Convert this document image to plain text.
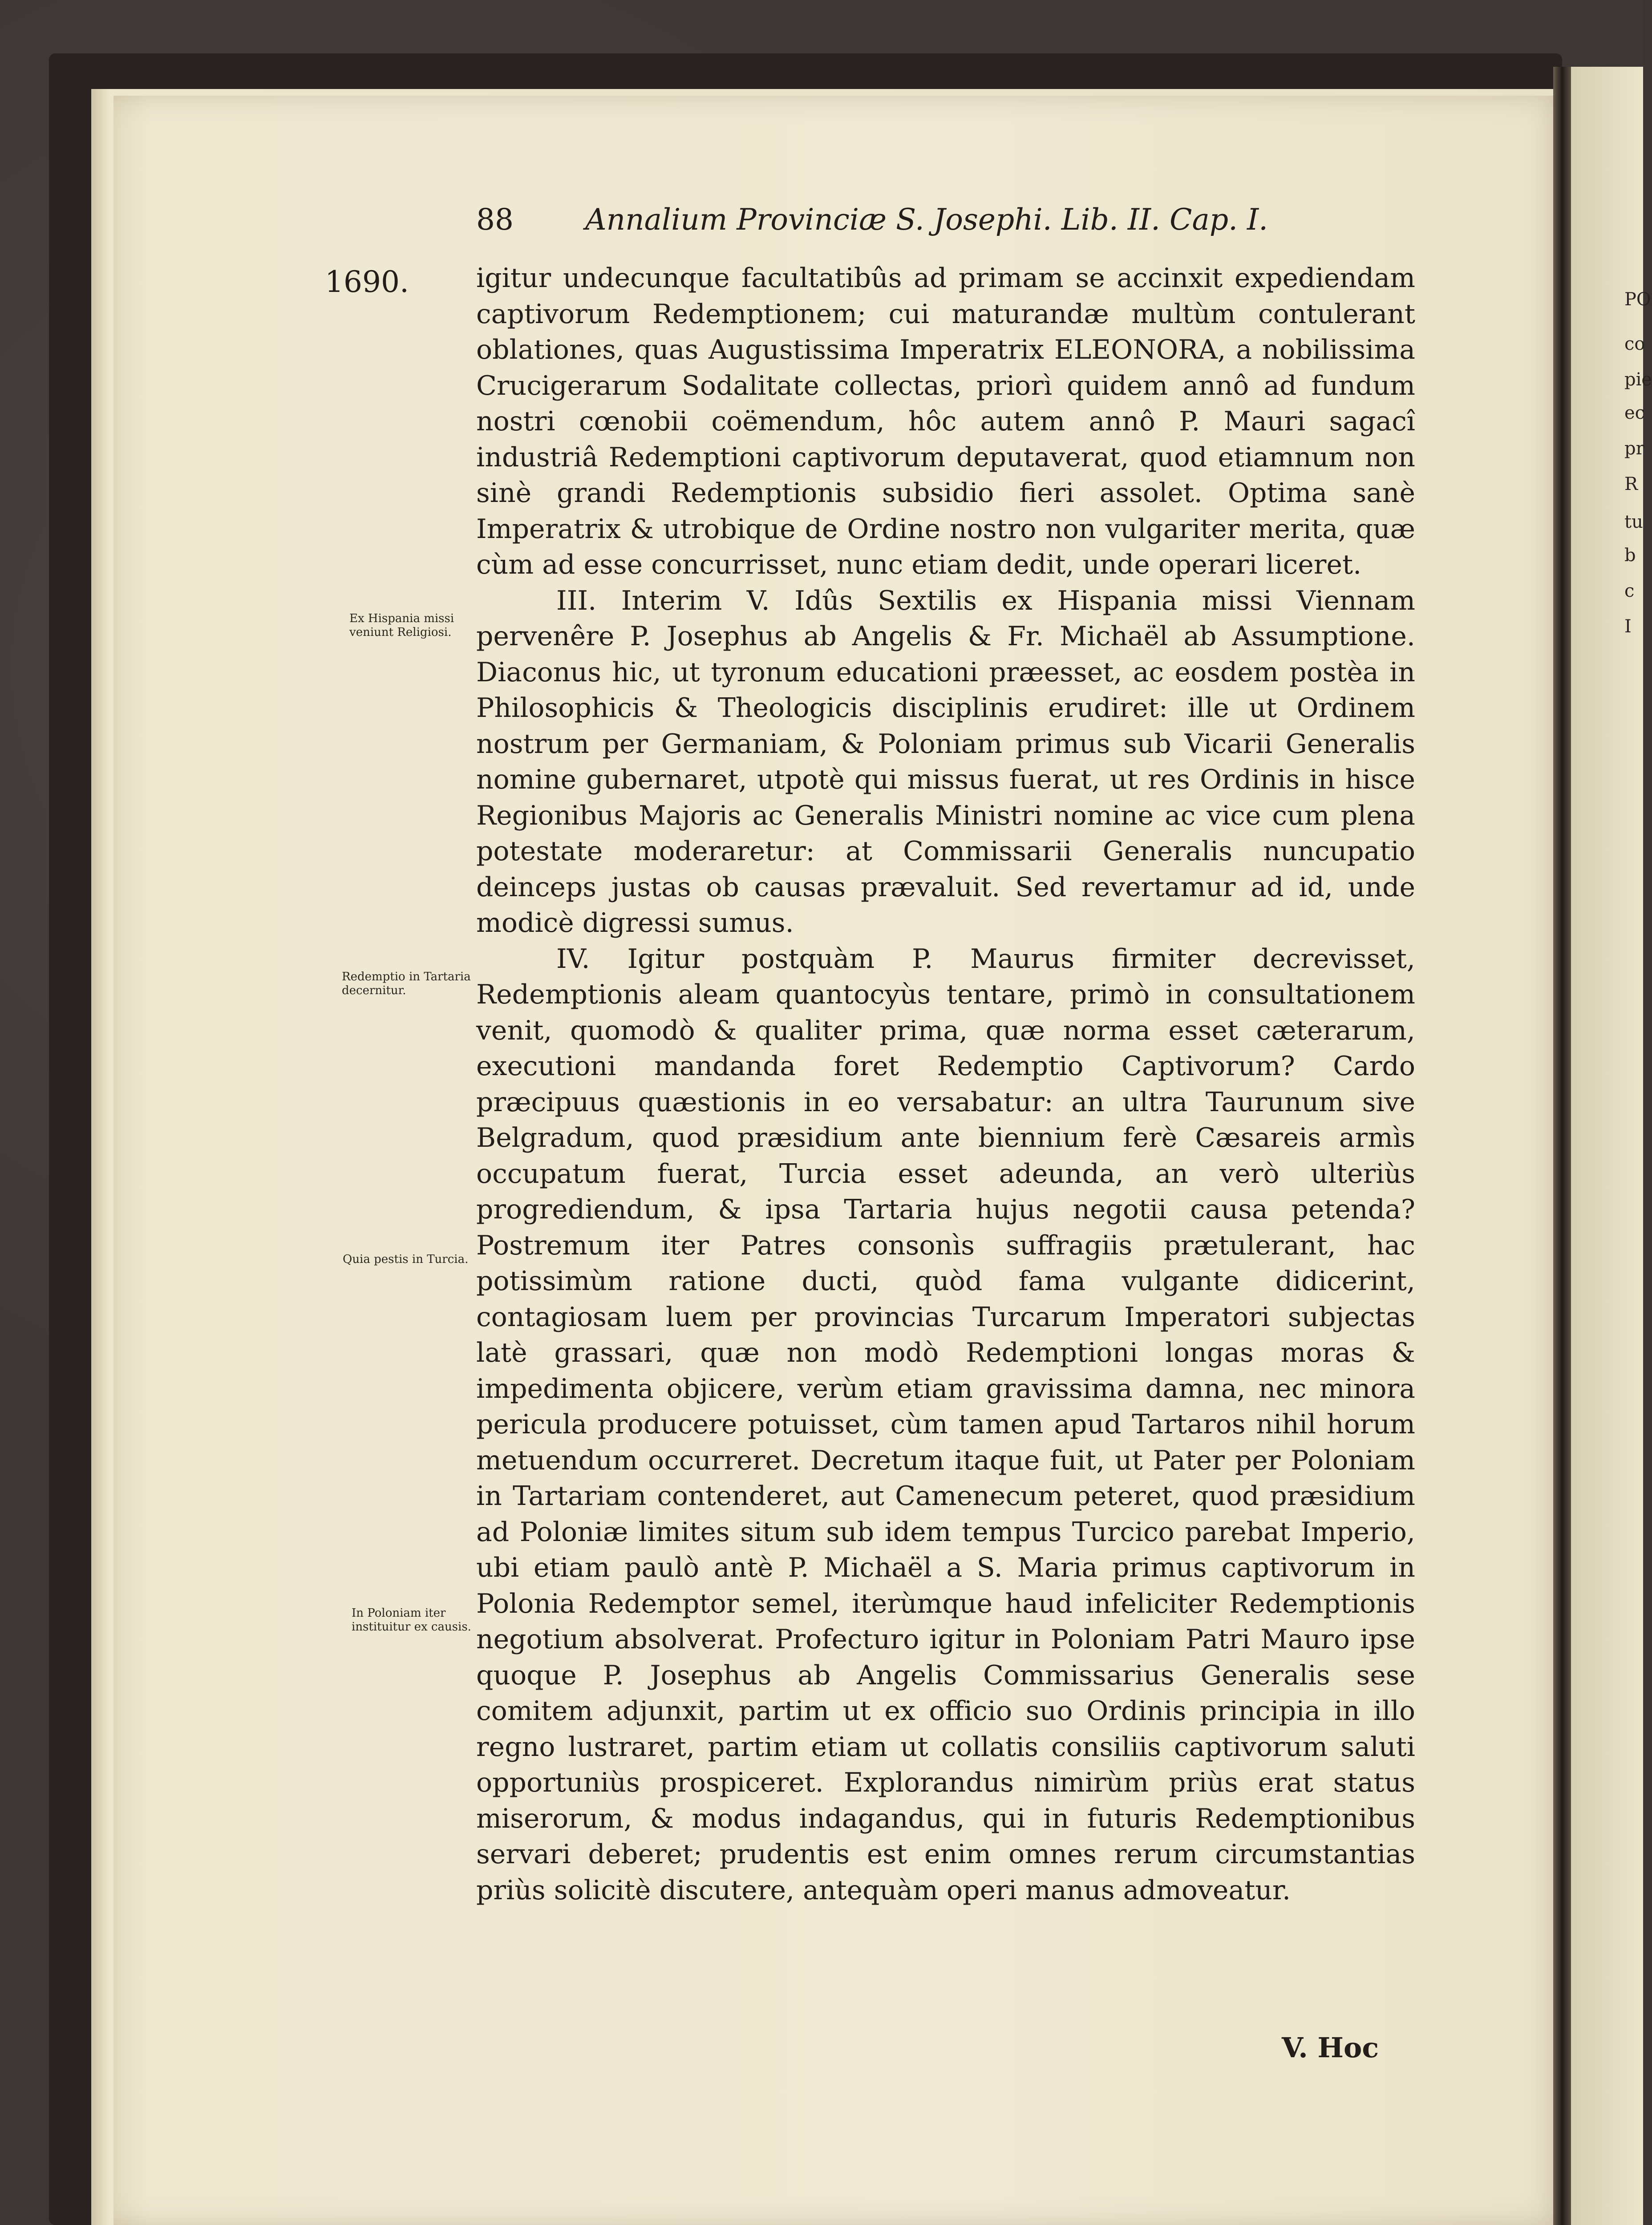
88 Annalium Provinciæ S. Josephi. Lib. II. Cap. I.
1690.
Ex Hispania missi veniunt Religiosi.
Redemptio in Tartaria decernitur.
Quia pestis in Turcia.
In Poloniam iter instituitur ex causis.

igitur undecunque facultatibûs ad primam se accinxit expediendam captivorum Redemptionem; cui maturandæ multùm contulerant oblationes, quas Augustissima Imperatrix ELEONORA, a nobilissima Crucigerarum Sodalitate collectas, priorì quidem annô ad fundum nostri cœnobii coëmendum, hôc autem annô P. Mauri sagacî industriâ Redemptioni captivorum deputaverat, quod etiamnum non sinè grandi Redemptionis subsidio fieri assolet. Optima sanè Imperatrix & utrobique de Ordine nostro non vulgariter merita, quæ cùm ad esse concurrisset, nunc etiam dedit, unde operari liceret.

III. Interim V. Idûs Sextilis ex Hispania missi Viennam pervenêre P. Josephus ab Angelis & Fr. Michaël ab Assumptione. Diaconus hic, ut tyronum educationi præesset, ac eosdem postèa in Philosophicis & Theologicis disciplinis erudiret: ille ut Ordinem nostrum per Germaniam, & Poloniam primus sub Vicarii Generalis nomine gubernaret, utpotè qui missus fuerat, ut res Ordinis in hisce Regionibus Majoris ac Generalis Ministri nomine ac vice cum plena potestate moderaretur: at Commissarii Generalis nuncupatio deinceps justas ob causas prævaluit. Sed revertamur ad id, unde modicè digressi sumus.

IV. Igitur postquàm P. Maurus firmiter decrevisset, Redemptionis aleam quantocyùs tentare, primò in consultationem venit, quomodò & qualiter prima, quæ norma esset cæterarum, executioni mandanda foret Redemptio Captivorum? Cardo præcipuus quæstionis in eo versabatur: an ultra Taurunum sive Belgradum, quod præsidium ante biennium ferè Cæsareis armìs occupatum fuerat, Turcia esset adeunda, an verò ulteriùs progrediendum, & ipsa Tartaria hujus negotii causa petenda? Postremum iter Patres consonìs suffragiis prætulerant, hac potissimùm ratione ducti, quòd fama vulgante didicerint, contagiosam luem per provincias Turcarum Imperatori subjectas latè grassari, quæ non modò Redemptioni longas moras & impedimenta objicere, verùm etiam gravissima damna, nec minora pericula producere potuisset, cùm tamen apud Tartaros nihil horum metuendum occurreret. Decretum itaque fuit, ut Pater per Poloniam in Tartariam contenderet, aut Camenecum peteret, quod præsidium ad Poloniæ limites situm sub idem tempus Turcico parebat Imperio, ubi etiam paulò antè P. Michaël a S. Maria primus captivorum in Polonia Redemptor semel, iterùmque haud infeliciter Redemptionis negotium absolverat. Profecturo igitur in Poloniam Patri Mauro ipse quoque P. Josephus ab Angelis Commissarius Generalis sese comitem adjunxit, partim ut ex officio suo Ordinis principia in illo regno lustraret, partim etiam ut collatis consiliis captivorum saluti opportuniùs prospiceret. Explorandus nimirùm priùs erat status miserorum, & modus indagandus, qui in futuris Redemptionibus servari deberet; prudentis est enim omnes rerum circumstantias priùs solicitè discutere, antequàm operi manus admoveatur.

V. Hoc
PO
co
pie
ec
pr
R
tu
b
c
I
